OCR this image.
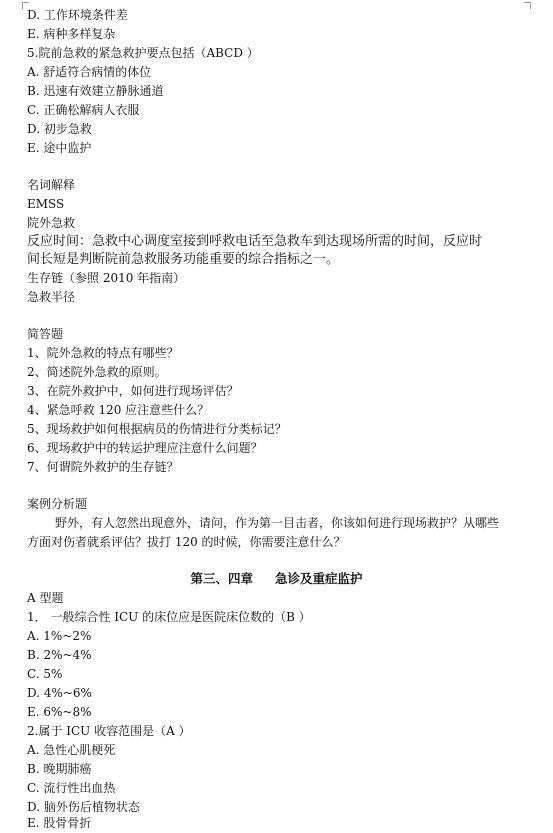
D. 工作环境条件差
E. 病种多样复杂
5.院前急救的紧急救护要点包括（ABCD ）
A. 舒适符合病情的体位
B. 迅速有效建立静脉通道
C. 正确松解病人衣服
D. 初步急救
E. 途中监护
名词解释
EMSS
院外急救
反应时间：急救中心调度室接到呼救电话至急救车到达现场所需的时间，反应时
间长短是判断院前急救服务功能重要的综合指标之一。
生存链（参照 2010 年指南）
急救半径
简答题
1、院外急救的特点有哪些？
2、简述院外急救的原则。
3、在院外救护中，如何进行现场评估？
4、紧急呼救 120 应注意些什么？
5、现场救护如何根据病员的伤情进行分类标记？
6、现场救护中的转运护理应注意什么问题？
7、何谓院外救护的生存链？
案例分析题
野外，有人忽然出现意外，请问，作为第一目击者，你该如何进行现场救护？从哪些
方面对伤者就系评估？拔打 120 的时候，你需要注意什么？
第三、四章 急诊及重症监护
A 型题
1． 一般综合性 ICU 的床位应是医院床位数的（B ）
A. 1%~2%
B. 2%~4%
C. 5%
D. 4%~6%
E. 6%~8%
2.属于 ICU 收容范围是（A ）
A. 急性心肌梗死
B. 晚期肺癌
C. 流行性出血热
D. 脑外伤后植物状态
E. 股骨骨折
